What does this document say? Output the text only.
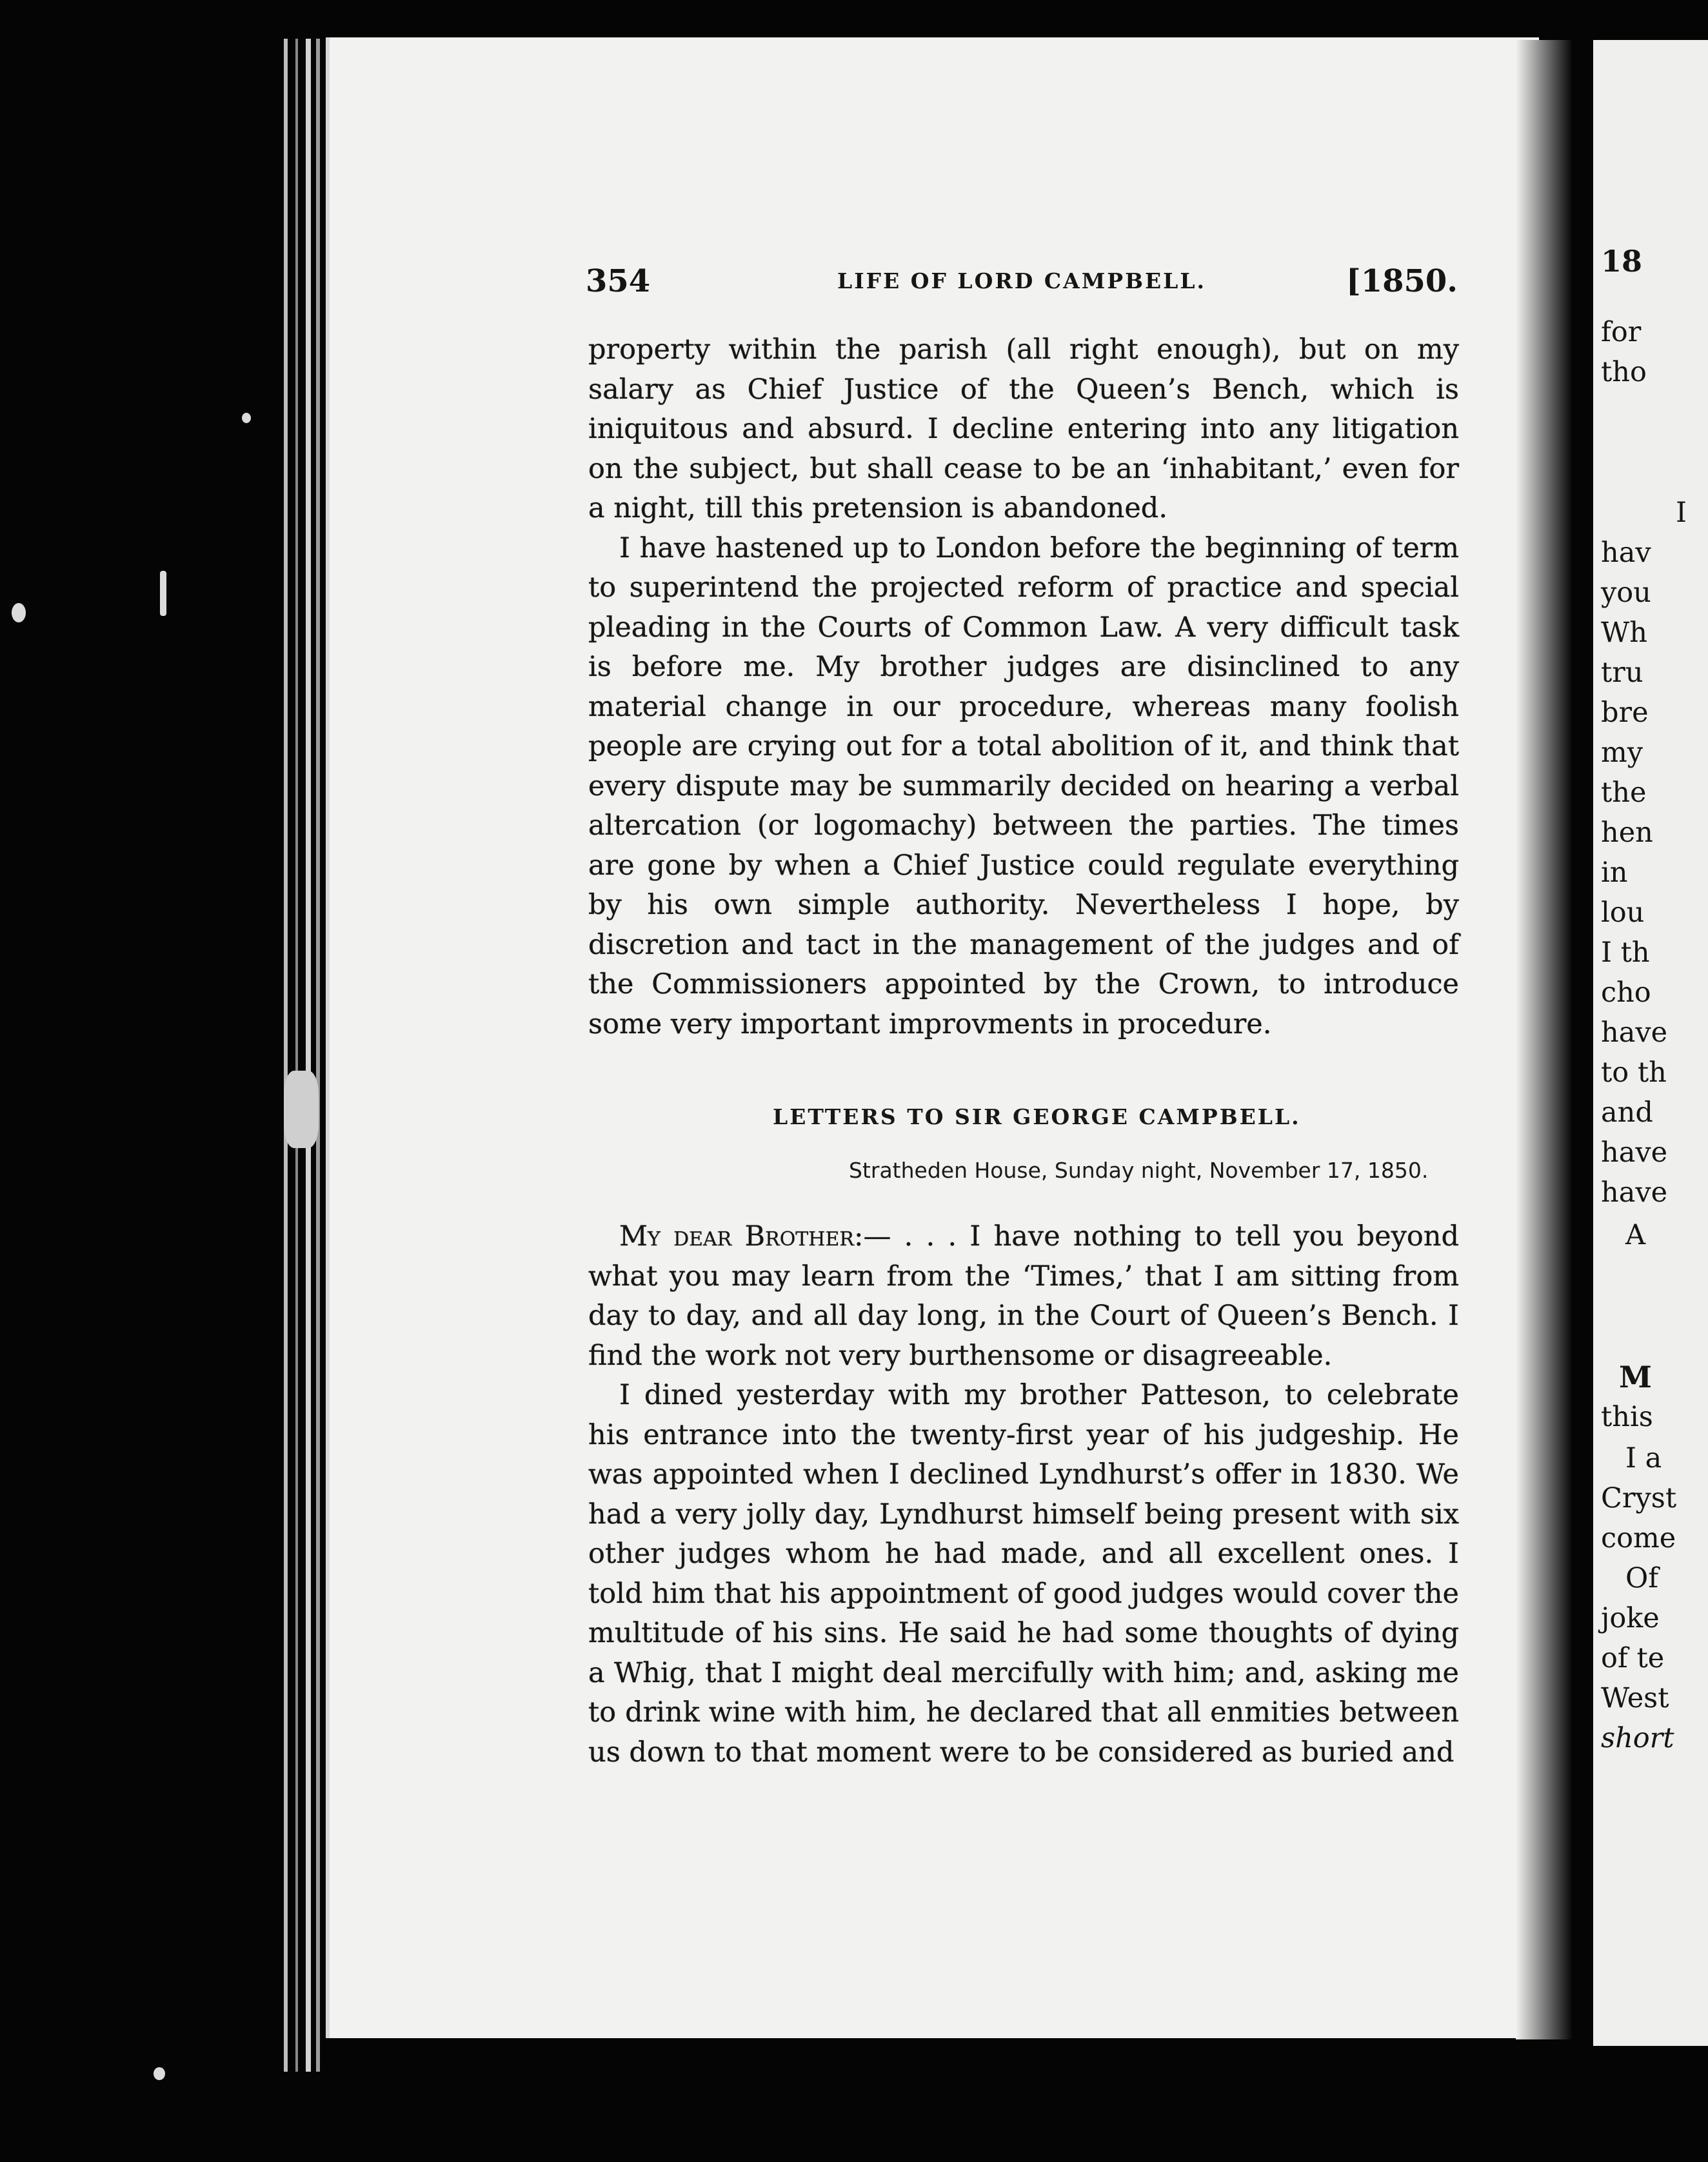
354	LIFE OF LORD CAMPBELL.	[1850.

property within the parish (all right enough), but on my salary as Chief Justice of the Queen’s Bench, which is iniquitous and absurd. I decline entering into any litigation on the subject, but shall cease to be an ‘inhabitant,’ even for a night, till this pretension is abandoned.

I have hastened up to London before the beginning of term to superintend the projected reform of practice and special pleading in the Courts of Common Law. A very difficult task is before me. My brother judges are disinclined to any material change in our procedure, whereas many foolish people are crying out for a total abolition of it, and think that every dispute may be summarily decided on hearing a verbal altercation (or logomachy) between the parties. The times are gone by when a Chief Justice could regulate everything by his own simple authority. Nevertheless I hope, by discretion and tact in the management of the judges and of the Commissioners appointed by the Crown, to introduce some very important improvments in procedure.

LETTERS TO SIR GEORGE CAMPBELL.
Stratheden House, Sunday night, November 17, 1850.

My dear Brother:— . . . I have nothing to tell you beyond what you may learn from the ‘Times,’ that I am sitting from day to day, and all day long, in the Court of Queen’s Bench. I find the work not very burthensome or disagreeable.

I dined yesterday with my brother Patteson, to celebrate his entrance into the twenty-first year of his judgeship. He was appointed when I declined Lyndhurst’s offer in 1830. We had a very jolly day, Lyndhurst himself being present with six other judges whom he had made, and all excellent ones. I told him that his appointment of good judges would cover the multitude of his sins. He said he had some thoughts of dying a Whig, that I might deal mercifully with him; and, asking me to drink wine with him, he declared that all enmities between us down to that moment were to be considered as buried and

18
for
tho
I
hav
you
Wh
tru
bre
my
the
hen
in
lou
I th
cho
have
to th
and
have
have
A
M
this
I a
Cryst
come
Of
joke
of te
West
short
